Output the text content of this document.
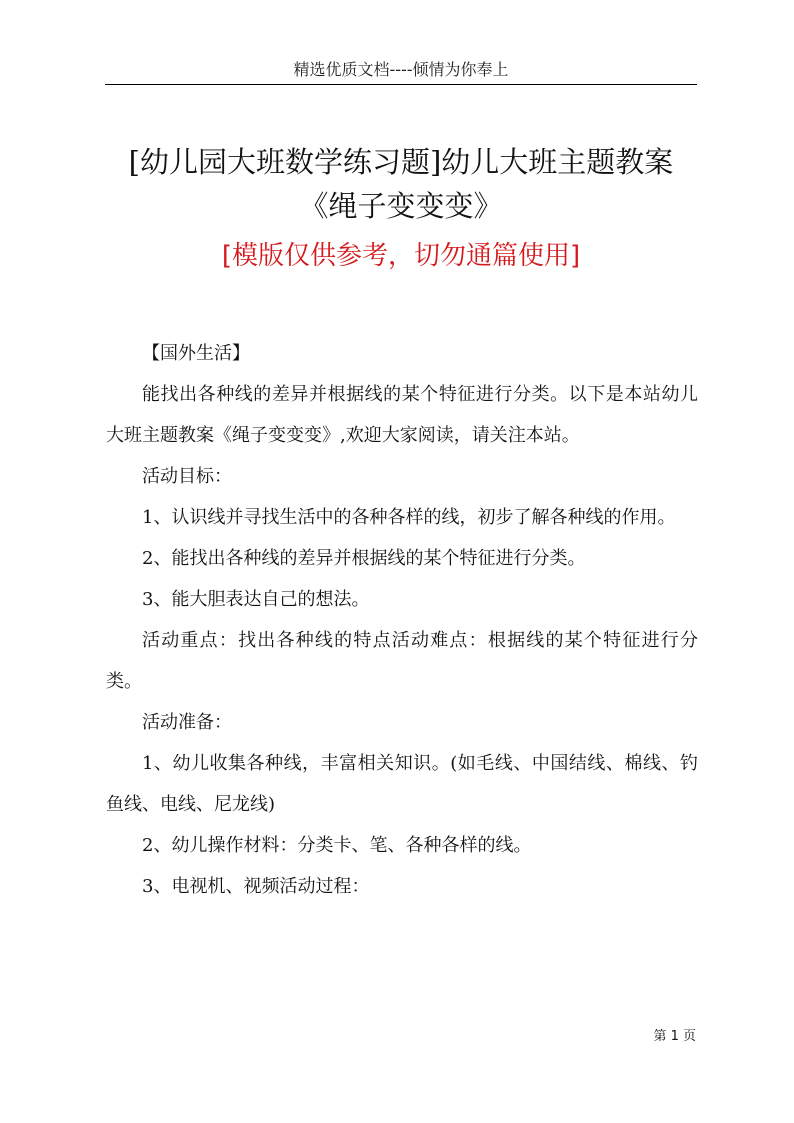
精选优质文档----倾情为你奉上
[幼儿园大班数学练习题]幼儿大班主题教案
《绳子变变变》
[模版仅供参考，切勿通篇使用]

【国外生活】

能找出各种线的差异并根据线的某个特征进行分类。以下是本站幼儿大班主题教案《绳子变变变》,欢迎大家阅读，请关注本站。

活动目标：

1、认识线并寻找生活中的各种各样的线，初步了解各种线的作用。

2、能找出各种线的差异并根据线的某个特征进行分类。

3、能大胆表达自己的想法。

活动重点：找出各种线的特点活动难点：根据线的某个特征进行分类。

活动准备：

1、幼儿收集各种线，丰富相关知识。(如毛线、中国结线、棉线、钓鱼线、电线、尼龙线)

2、幼儿操作材料：分类卡、笔、各种各样的线。

3、电视机、视频活动过程：

第 1 页
